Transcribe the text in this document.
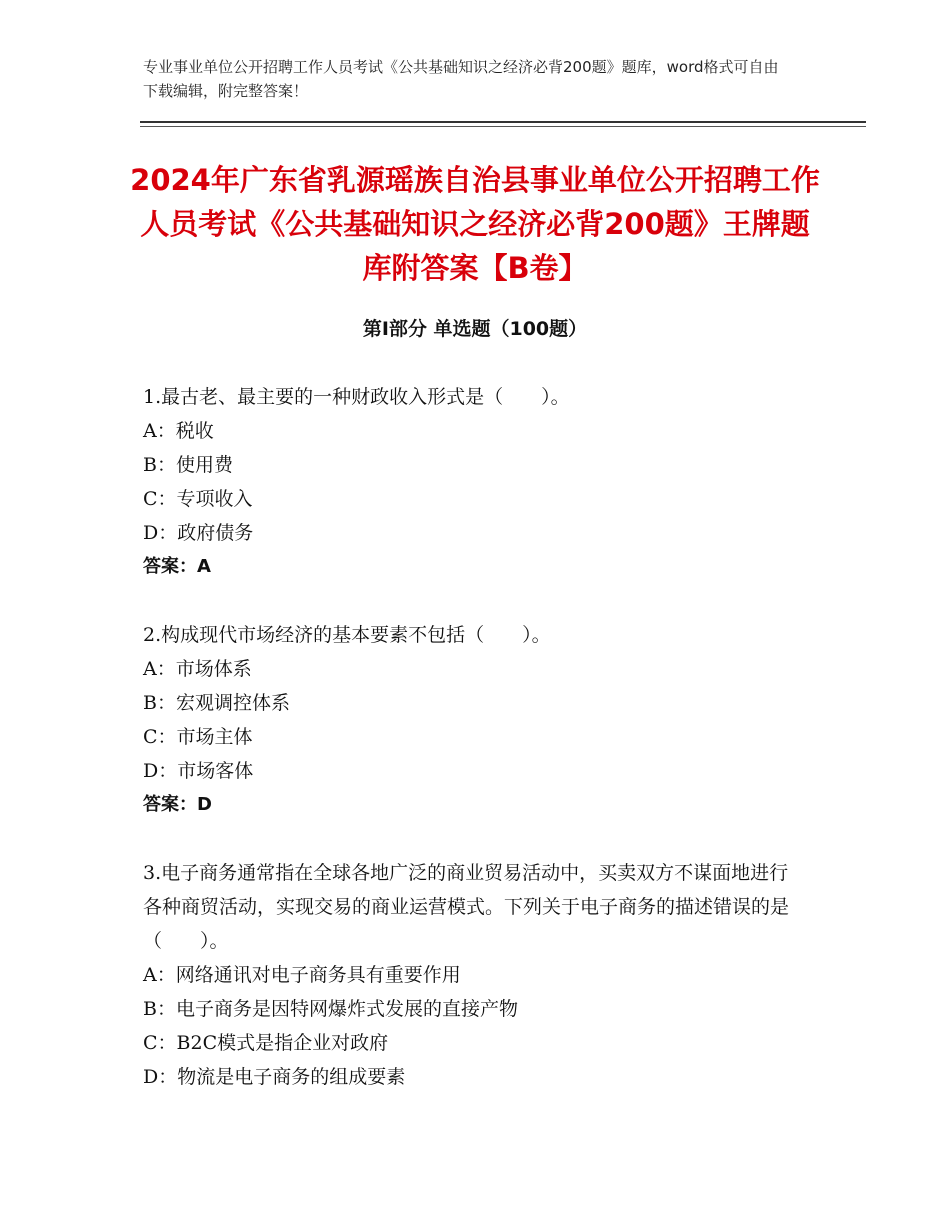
专业事业单位公开招聘工作人员考试《公共基础知识之经济必背200题》题库，word格式可自由下载编辑，附完整答案！
2024年广东省乳源瑶族自治县事业单位公开招聘工作人员考试《公共基础知识之经济必背200题》王牌题库附答案【B卷】
第Ⅰ部分 单选题（100题）

1.最古老、最主要的一种财政收入形式是（　　）。

A：税收

B：使用费

C：专项收入

D：政府债务

答案：A

2.构成现代市场经济的基本要素不包括（　　）。

A：市场体系

B：宏观调控体系

C：市场主体

D：市场客体

答案：D

3.电子商务通常指在全球各地广泛的商业贸易活动中，买卖双方不谋面地进行各种商贸活动，实现交易的商业运营模式。下列关于电子商务的描述错误的是（　　）。

A：网络通讯对电子商务具有重要作用

B：电子商务是因特网爆炸式发展的直接产物

C：B2C模式是指企业对政府

D：物流是电子商务的组成要素
